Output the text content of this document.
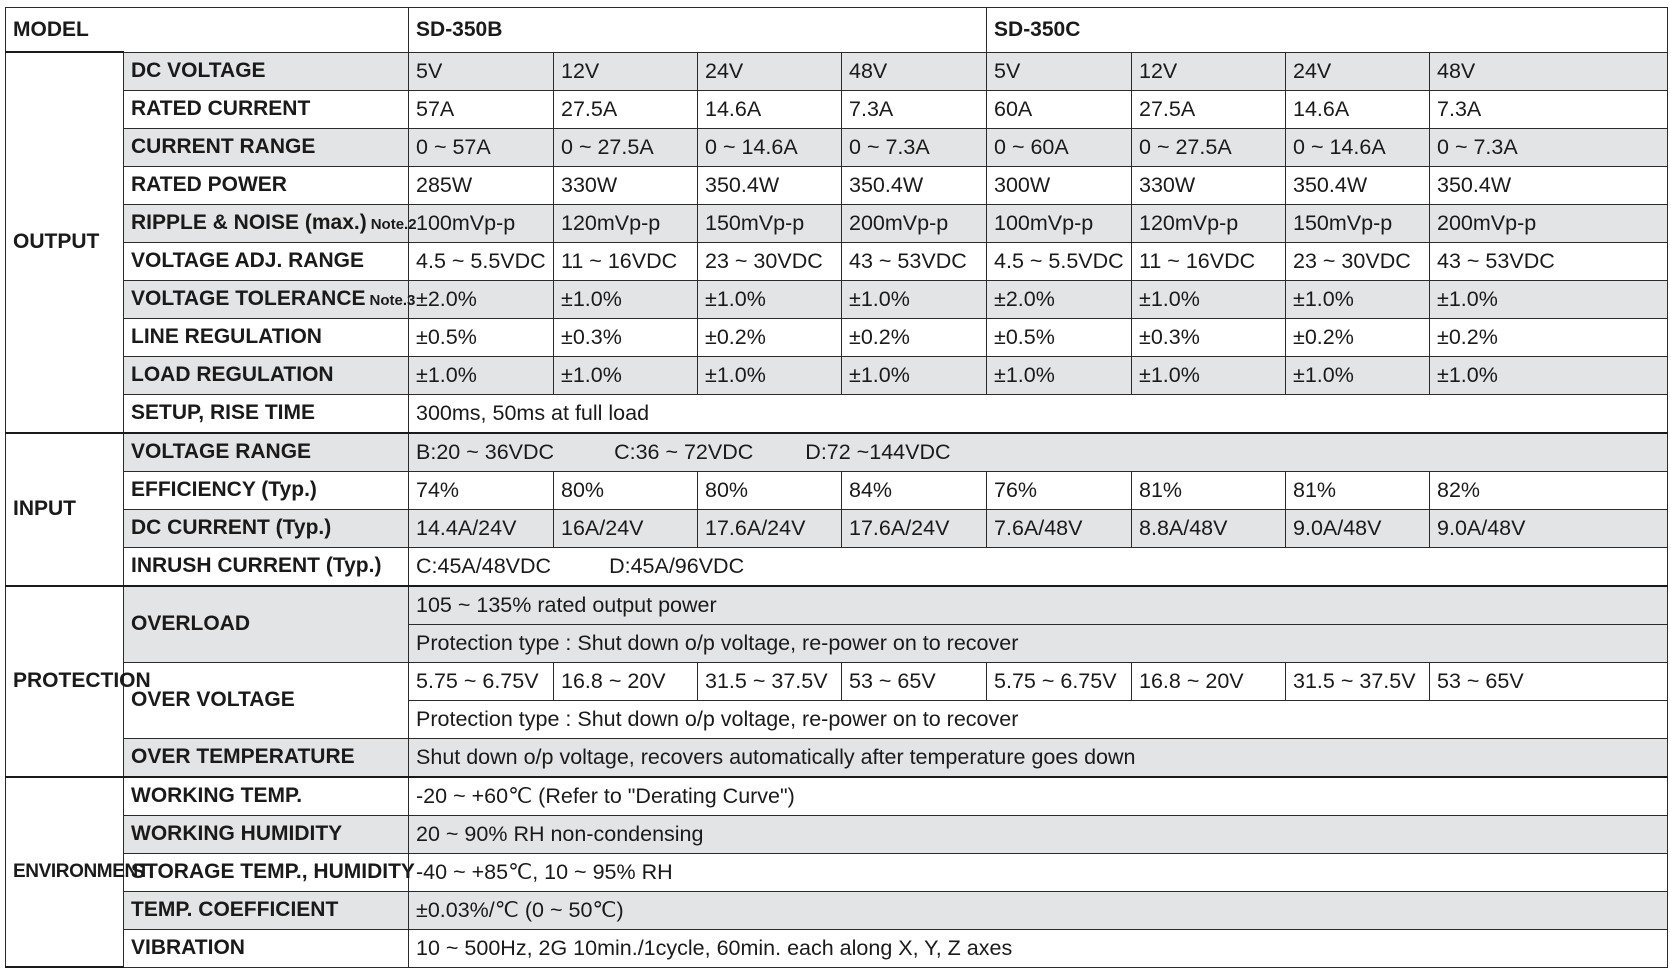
MODEL		SD-350B				SD-350C			
OUTPUT	DC VOLTAGE	5V	12V	24V	48V	5V	12V	24V	48V
	RATED CURRENT	57A	27.5A	14.6A	7.3A	60A	27.5A	14.6A	7.3A
	CURRENT RANGE	0 ~ 57A	0 ~ 27.5A	0 ~ 14.6A	0 ~ 7.3A	0 ~ 60A	0 ~ 27.5A	0 ~ 14.6A	0 ~ 7.3A
	RATED POWER	285W	330W	350.4W	350.4W	300W	330W	350.4W	350.4W
	RIPPLE & NOISE (max.) Note.2	100mVp-p	120mVp-p	150mVp-p	200mVp-p	100mVp-p	120mVp-p	150mVp-p	200mVp-p
	VOLTAGE ADJ. RANGE	4.5 ~ 5.5VDC	11 ~ 16VDC	23 ~ 30VDC	43 ~ 53VDC	4.5 ~ 5.5VDC	11 ~ 16VDC	23 ~ 30VDC	43 ~ 53VDC
	VOLTAGE TOLERANCE Note.3	±2.0%	±1.0%	±1.0%	±1.0%	±2.0%	±1.0%	±1.0%	±1.0%
	LINE REGULATION	±0.5%	±0.3%	±0.2%	±0.2%	±0.5%	±0.3%	±0.2%	±0.2%
	LOAD REGULATION	±1.0%	±1.0%	±1.0%	±1.0%	±1.0%	±1.0%	±1.0%	±1.0%
	SETUP, RISE TIME	300ms, 50ms at full load							
INPUT	VOLTAGE RANGE	B:20 ~ 36VDC C:36 ~ 72VDC D:72 ~144VDC							
	EFFICIENCY (Typ.)	74%	80%	80%	84%	76%	81%	81%	82%
	DC CURRENT (Typ.)	14.4A/24V	16A/24V	17.6A/24V	17.6A/24V	7.6A/48V	8.8A/48V	9.0A/48V	9.0A/48V
	INRUSH CURRENT (Typ.)	C:45A/48VDC D:45A/96VDC							
PROTECTION	OVERLOAD	105 ~ 135% rated output power							
		Protection type : Shut down o/p voltage, re-power on to recover							
	OVER VOLTAGE	5.75 ~ 6.75V	16.8 ~ 20V	31.5 ~ 37.5V	53 ~ 65V	5.75 ~ 6.75V	16.8 ~ 20V	31.5 ~ 37.5V	53 ~ 65V
		Protection type : Shut down o/p voltage, re-power on to recover							
	OVER TEMPERATURE	Shut down o/p voltage, recovers automatically after temperature goes down							
ENVIRONMENT	WORKING TEMP.	-20 ~ +60℃ (Refer to "Derating Curve")							
	WORKING HUMIDITY	20 ~ 90% RH non-condensing							
	STORAGE TEMP., HUMIDITY	-40 ~ +85℃, 10 ~ 95% RH							
	TEMP. COEFFICIENT	±0.03%/℃ (0 ~ 50℃)							
	VIBRATION	10 ~ 500Hz, 2G 10min./1cycle, 60min. each along X, Y, Z axes							
